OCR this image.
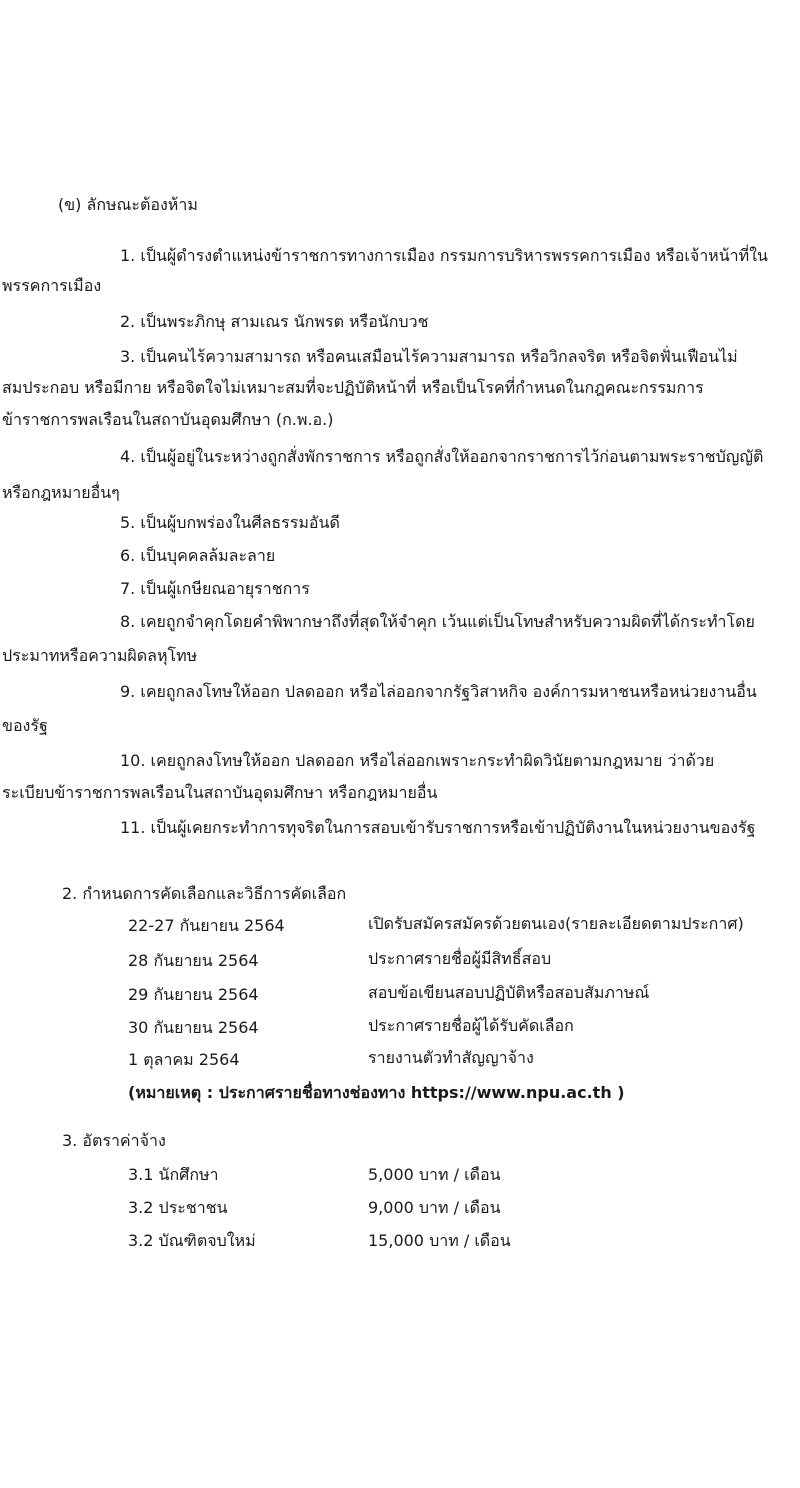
(ข) ลักษณะต้องห้าม
1. เป็นผู้ดำรงตำแหน่งข้าราชการทางการเมือง กรรมการบริหารพรรคการเมือง หรือเจ้าหน้าที่ใน
พรรคการเมือง
2. เป็นพระภิกษุ สามเณร นักพรต หรือนักบวช
3. เป็นคนไร้ความสามารถ หรือคนเสมือนไร้ความสามารถ หรือวิกลจริต หรือจิตฟั่นเฟือนไม่
สมประกอบ หรือมีกาย หรือจิตใจไม่เหมาะสมที่จะปฏิบัติหน้าที่ หรือเป็นโรคที่กำหนดในกฎคณะกรรมการ
ข้าราชการพลเรือนในสถาบันอุดมศึกษา (ก.พ.อ.)
4. เป็นผู้อยู่ในระหว่างถูกสั่งพักราชการ หรือถูกสั่งให้ออกจากราชการไว้ก่อนตามพระราชบัญญัติ
หรือกฎหมายอื่นๆ
5. เป็นผู้บกพร่องในศีลธรรมอันดี
6. เป็นบุคคลล้มละลาย
7. เป็นผู้เกษียณอายุราชการ
8. เคยถูกจำคุกโดยคำพิพากษาถึงที่สุดให้จำคุก เว้นแต่เป็นโทษสำหรับความผิดที่ได้กระทำโดย
ประมาทหรือความผิดลหุโทษ
9. เคยถูกลงโทษให้ออก ปลดออก หรือไล่ออกจากรัฐวิสาหกิจ องค์การมหาชนหรือหน่วยงานอื่น
ของรัฐ
10. เคยถูกลงโทษให้ออก ปลดออก หรือไล่ออกเพราะกระทำผิดวินัยตามกฎหมาย ว่าด้วย
ระเบียบข้าราชการพลเรือนในสถาบันอุดมศึกษา หรือกฎหมายอื่น
11. เป็นผู้เคยกระทำการทุจริตในการสอบเข้ารับราชการหรือเข้าปฏิบัติงานในหน่วยงานของรัฐ
2. กำหนดการคัดเลือกและวิธีการคัดเลือก
22-27 กันยายน 2564	เปิดรับสมัครสมัครด้วยตนเอง(รายละเอียดตามประกาศ)
28 กันยายน 2564	ประกาศรายชื่อผู้มีสิทธิ์สอบ
29 กันยายน 2564	สอบข้อเขียนสอบปฏิบัติหรือสอบสัมภาษณ์
30 กันยายน 2564	ประกาศรายชื่อผู้ได้รับคัดเลือก
1 ตุลาคม 2564	รายงานตัวทำสัญญาจ้าง
(หมายเหตุ : ประกาศรายชื่อทางช่องทาง https://www.npu.ac.th )
3. อัตราค่าจ้าง
3.1 นักศึกษา	5,000 บาท / เดือน
3.2 ประชาชน	9,000 บาท / เดือน
3.2 บัณฑิตจบใหม่	15,000 บาท / เดือน
